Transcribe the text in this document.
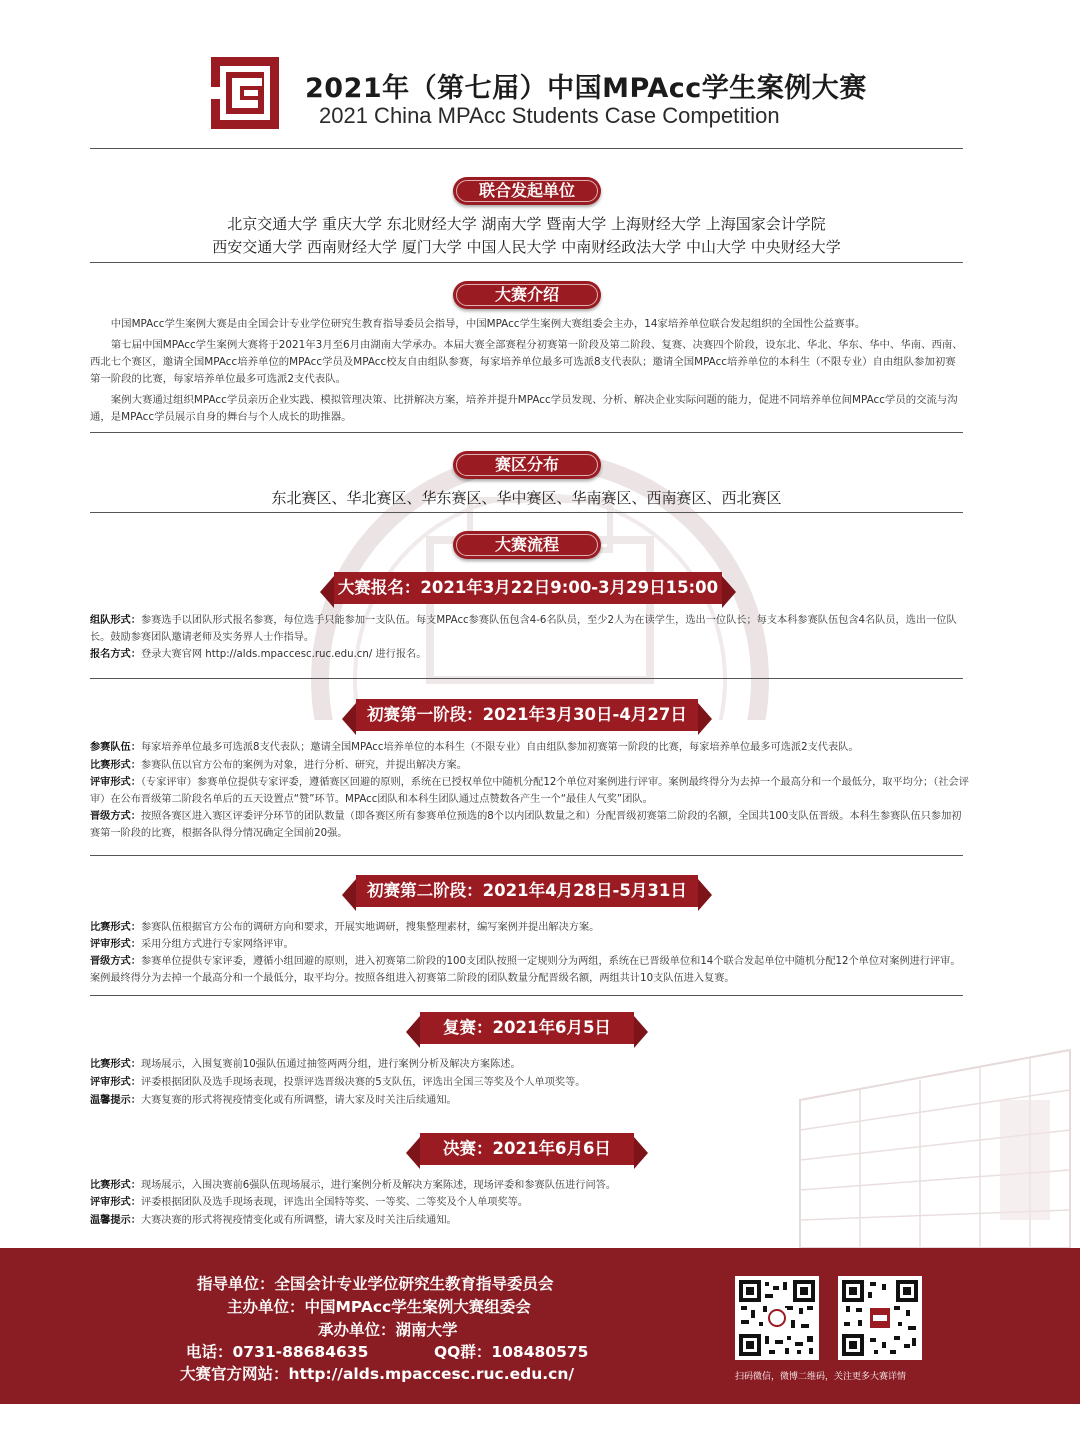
2021年（第七届）中国MPAcc学生案例大赛
2021 China MPAcc Students Case Competition
联合发起单位
北京交通大学 重庆大学 东北财经大学 湖南大学 暨南大学 上海财经大学 上海国家会计学院
西安交通大学 西南财经大学 厦门大学 中国人民大学 中南财经政法大学 中山大学 中央财经大学
大赛介绍
中国MPAcc学生案例大赛是由全国会计专业学位研究生教育指导委员会指导，中国MPAcc学生案例大赛组委会主办，14家培养单位联合发起组织的全国性公益赛事。
第七届中国MPAcc学生案例大赛将于2021年3月至6月由湖南大学承办。本届大赛全部赛程分初赛第一阶段及第二阶段、复赛、决赛四个阶段，设东北、华北、华东、华中、华南、西南、西北七个赛区，邀请全国MPAcc培养单位的MPAcc学员及MPAcc校友自由组队参赛，每家培养单位最多可选派8支代表队；邀请全国MPAcc培养单位的本科生（不限专业）自由组队参加初赛第一阶段的比赛，每家培养单位最多可选派2支代表队。
案例大赛通过组织MPAcc学员亲历企业实践、模拟管理决策、比拼解决方案，培养并提升MPAcc学员发现、分析、解决企业实际问题的能力，促进不同培养单位间MPAcc学员的交流与沟通，是MPAcc学员展示自身的舞台与个人成长的助推器。
赛区分布
东北赛区、华北赛区、华东赛区、华中赛区、华南赛区、西南赛区、西北赛区
大赛流程
大赛报名：2021年3月22日9:00-3月29日15:00
组队形式：参赛选手以团队形式报名参赛，每位选手只能参加一支队伍。每支MPAcc参赛队伍包含4-6名队员，至少2人为在读学生，选出一位队长；每支本科参赛队伍包含4名队员，选出一位队长。鼓励参赛团队邀请老师及实务界人士作指导。
报名方式：登录大赛官网 http://alds.mpaccesc.ruc.edu.cn/ 进行报名。
初赛第一阶段：2021年3月30日-4月27日
参赛队伍：每家培养单位最多可选派8支代表队；邀请全国MPAcc培养单位的本科生（不限专业）自由组队参加初赛第一阶段的比赛，每家培养单位最多可选派2支代表队。
比赛形式：参赛队伍以官方公布的案例为对象，进行分析、研究，并提出解决方案。
评审形式：（专家评审）参赛单位提供专家评委，遵循赛区回避的原则，系统在已授权单位中随机分配12个单位对案例进行评审。案例最终得分为去掉一个最高分和一个最低分，取平均分；（社会评审）在公布晋级第二阶段名单后的五天设置点“赞”环节。MPAcc团队和本科生团队通过点赞数各产生一个“最佳人气奖”团队。
晋级方式：按照各赛区进入赛区评委评分环节的团队数量（即各赛区所有参赛单位预选的8个以内团队数量之和）分配晋级初赛第二阶段的名额，全国共100支队伍晋级。本科生参赛队伍只参加初赛第一阶段的比赛，根据各队得分情况确定全国前20强。
初赛第二阶段：2021年4月28日-5月31日
比赛形式：参赛队伍根据官方公布的调研方向和要求，开展实地调研，搜集整理素材，编写案例并提出解决方案。
评审形式：采用分组方式进行专家网络评审。
晋级方式：参赛单位提供专家评委，遵循小组回避的原则，进入初赛第二阶段的100支团队按照一定规则分为两组，系统在已晋级单位和14个联合发起单位中随机分配12个单位对案例进行评审。案例最终得分为去掉一个最高分和一个最低分，取平均分。按照各组进入初赛第二阶段的团队数量分配晋级名额，两组共计10支队伍进入复赛。
复赛：2021年6月5日
比赛形式：现场展示，入围复赛前10强队伍通过抽签两两分组，进行案例分析及解决方案陈述。
评审形式：评委根据团队及选手现场表现，投票评选晋级决赛的5支队伍，评选出全国三等奖及个人单项奖等。
温馨提示：大赛复赛的形式将视疫情变化或有所调整，请大家及时关注后续通知。
决赛：2021年6月6日
比赛形式：现场展示，入围决赛前6强队伍现场展示，进行案例分析及解决方案陈述，现场评委和参赛队伍进行问答。
评审形式：评委根据团队及选手现场表现，评选出全国特等奖、一等奖、二等奖及个人单项奖等。
温馨提示：大赛决赛的形式将视疫情变化或有所调整，请大家及时关注后续通知。
指导单位：全国会计专业学位研究生教育指导委员会
主办单位：中国MPAcc学生案例大赛组委会
承办单位：湖南大学
电话：0731-88684635	QQ群：108480575
大赛官方网站：http://alds.mpaccesc.ruc.edu.cn/	扫码微信，微博二维码，关注更多大赛详情
